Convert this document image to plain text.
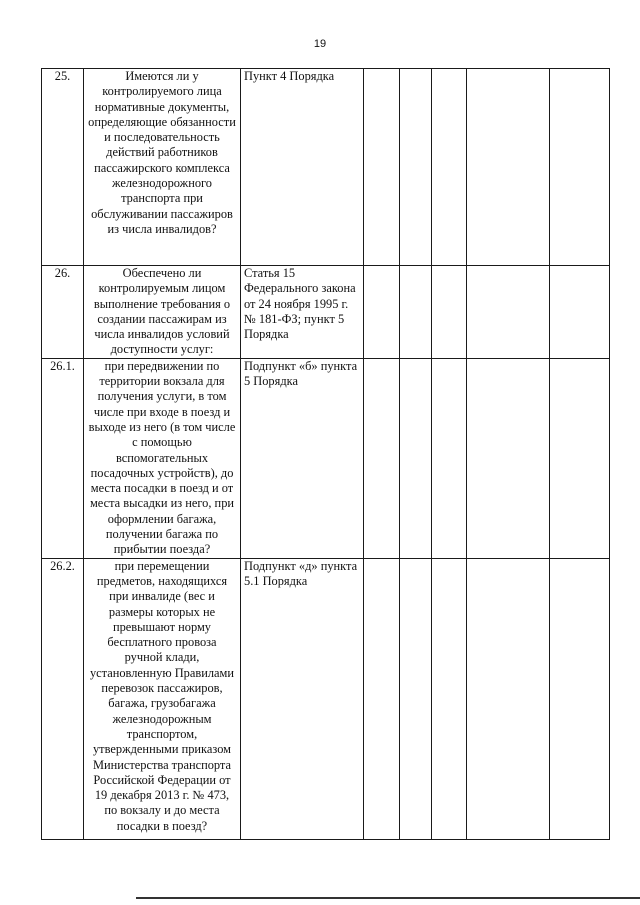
19
25.	Имеются ли у контролируемого лица нормативные документы, определяющие обязанности и последовательность действий работников пассажирского комплекса железнодорожного транспорта при обслуживании пассажиров из числа инвалидов?	Пункт 4 Порядка					
26.	Обеспечено ли контролируемым лицом выполнение требования о создании пассажирам из числа инвалидов условий доступности услуг:	Статья 15 Федерального закона от 24 ноября 1995 г. № 181-ФЗ; пункт 5 Порядка					
26.1.	при передвижении по территории вокзала для получения услуги, в том числе при входе в поезд и выходе из него (в том числе с помощью вспомогательных посадочных устройств), до места посадки в поезд и от места высадки из него, при оформлении багажа, получении багажа по прибытии поезда?	Подпункт «б» пункта 5 Порядка					
26.2.	при перемещении предметов, находящихся при инвалиде (вес и размеры которых не превышают норму бесплатного провоза ручной клади, установленную Правилами перевозок пассажиров, багажа, грузобагажа железнодорожным транспортом, утвержденными приказом Министерства транспорта Российской Федерации от 19 декабря 2013 г. № 473, по вокзалу и до места посадки в поезд?	Подпункт «д» пункта 5.1 Порядка					
